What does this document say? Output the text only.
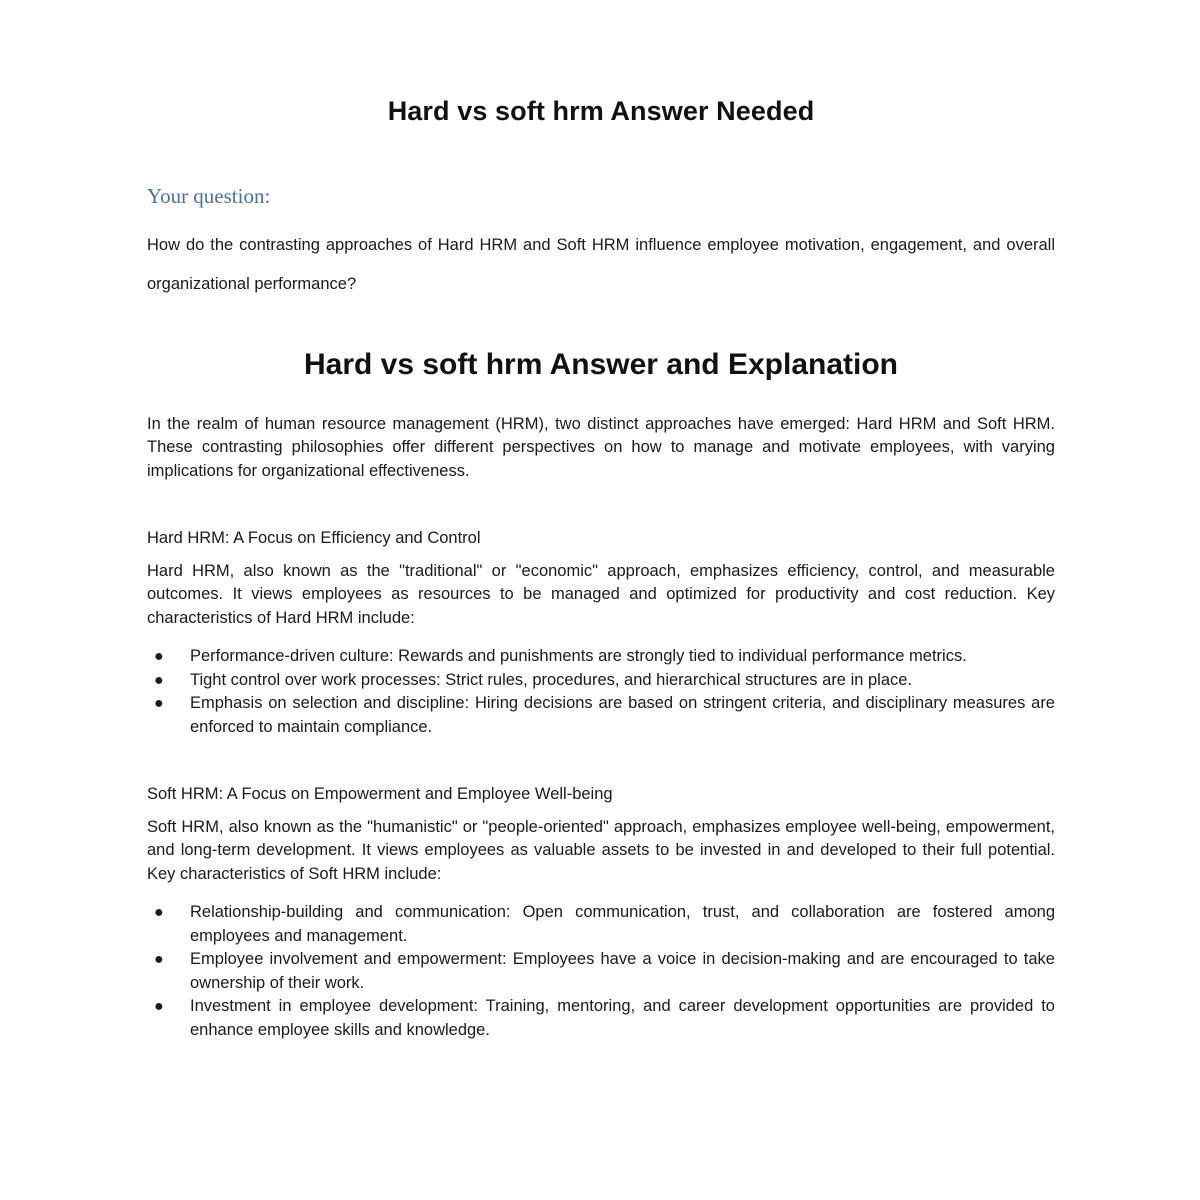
Hard vs soft hrm Answer Needed
Your question:

How do the contrasting approaches of Hard HRM and Soft HRM influence employee motivation, engagement, and overall organizational performance?

Hard vs soft hrm Answer and Explanation

In the realm of human resource management (HRM), two distinct approaches have emerged: Hard HRM and Soft HRM. These contrasting philosophies offer different perspectives on how to manage and motivate employees, with varying implications for organizational effectiveness.

Hard HRM: A Focus on Efficiency and Control

Hard HRM, also known as the "traditional" or "economic" approach, emphasizes efficiency, control, and measurable outcomes. It views employees as resources to be managed and optimized for productivity and cost reduction. Key characteristics of Hard HRM include:

● Performance-driven culture: Rewards and punishments are strongly tied to individual performance metrics.
● Tight control over work processes: Strict rules, procedures, and hierarchical structures are in place.
● Emphasis on selection and discipline: Hiring decisions are based on stringent criteria, and disciplinary measures are enforced to maintain compliance.
Soft HRM: A Focus on Empowerment and Employee Well-being

Soft HRM, also known as the "humanistic" or "people-oriented" approach, emphasizes employee well-being, empowerment, and long-term development. It views employees as valuable assets to be invested in and developed to their full potential. Key characteristics of Soft HRM include:

● Relationship-building and communication: Open communication, trust, and collaboration are fostered among employees and management.
● Employee involvement and empowerment: Employees have a voice in decision-making and are encouraged to take ownership of their work.
● Investment in employee development: Training, mentoring, and career development opportunities are provided to enhance employee skills and knowledge.
